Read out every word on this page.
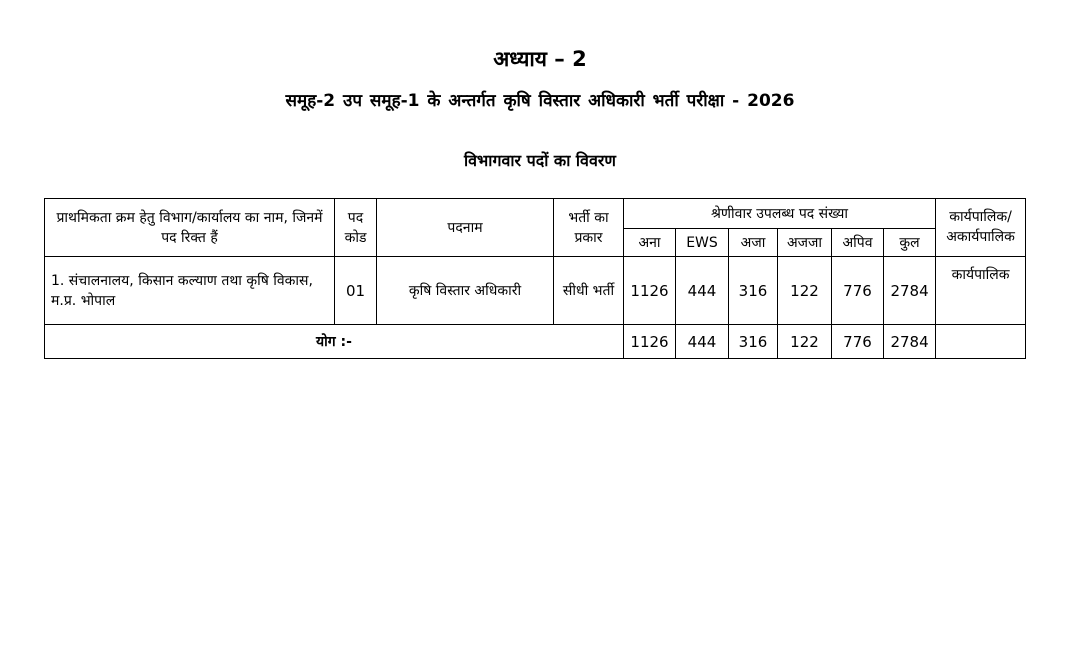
अध्याय – 2
समूह-2 उप समूह-1 के अन्तर्गत कृषि विस्तार अधिकारी भर्ती परीक्षा - 2026
विभागवार पदों का विवरण
प्राथमिकता क्रम हेतु विभाग/कार्यालय का नाम, जिनमें पद रिक्त हैं	पद कोड	पदनाम	भर्ती का प्रकार	श्रेणीवार उपलब्ध पद संख्या						कार्यपालिक/ अकार्यपालिक
				अना	EWS	अजा	अजजा	अपिव	कुल	
1. संचालनालय, किसान कल्याण तथा कृषि विकास, म.प्र. भोपाल	01	कृषि विस्तार अधिकारी	सीधी भर्ती	1126	444	316	122	776	2784	कार्यपालिक
योग :-				1126	444	316	122	776	2784	
